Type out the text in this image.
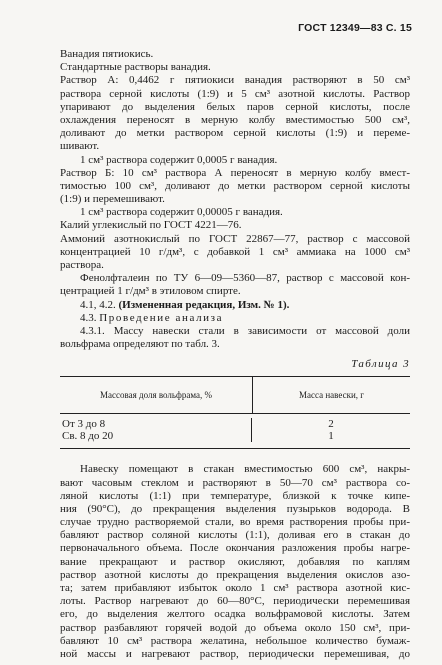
ГОСТ 12349—83 С. 15
Ванадия пятиокись.
Стандартные растворы ванадия.
Раствор А: 0,4462 г пятиокиси ванадия растворяют в 50 см³
раствора серной кислоты (1:9) и 5 см³ азотной кислоты. Раствор
упаривают до выделения белых паров серной кислоты, после
охлаждения переносят в мерную колбу вместимостью 500 см³,
доливают до метки раствором серной кислоты (1:9) и переме-
шивают.
1 см³ раствора содержит 0,0005 г ванадия.
Раствор Б: 10 см³ раствора А переносят в мерную колбу вмест-
тимостью 100 см³, доливают до метки раствором серной кислоты
(1:9) и перемешивают.
1 см³ раствора содержит 0,00005 г ванадия.
Калий углекислый по ГОСТ 4221—76.
Аммоний азотнокислый по ГОСТ 22867—77, раствор с массовой
концентрацией 10 г/дм³, с добавкой 1 см³ аммиака на 1000 см³
раствора.
Фенолфталеин по ТУ 6—09—5360—87, раствор с массовой кон-
центрацией 1 г/дм³ в этиловом спирте.
4.1, 4.2. (Измененная редакция, Изм. № 1).
4.3. Проведение анализа
4.3.1. Массу навески стали в зависимости от массовой доли
вольфрама определяют по табл. 3.
Таблица 3
Массовая доля вольфрама, %	Масса навески, г
От 3 до 8	2
Св. 8 до 20	1
Навеску помещают в стакан вместимостью 600 см³, накры-
вают часовым стеклом и растворяют в 50—70 см³ раствора со-
ляной кислоты (1:1) при температуре, близкой к точке кипе-
ния (90°С), до прекращения выделения пузырьков водорода. В
случае трудно растворяемой стали, во время растворения пробы при-
бавляют раствор соляной кислоты (1:1), доливая его в стакан до
первоначального объема. После окончания разложения пробы нагре-
вание прекращают и раствор окисляют, добавляя по каплям
раствор азотной кислоты до прекращения выделения окислов азо-
та; затем прибавляют избыток около 1 см³ раствора азотной кис-
лоты. Раствор нагревают до 60—80°С, периодически перемешивая
его, до выделения желтого осадка вольфрамовой кислоты. Затем
раствор разбавляют горячей водой до объема около 150 см³, при-
бавляют 10 см³ раствора желатина, небольшое количество бумаж-
ной массы и нагревают раствор, периодически перемешивая, до
